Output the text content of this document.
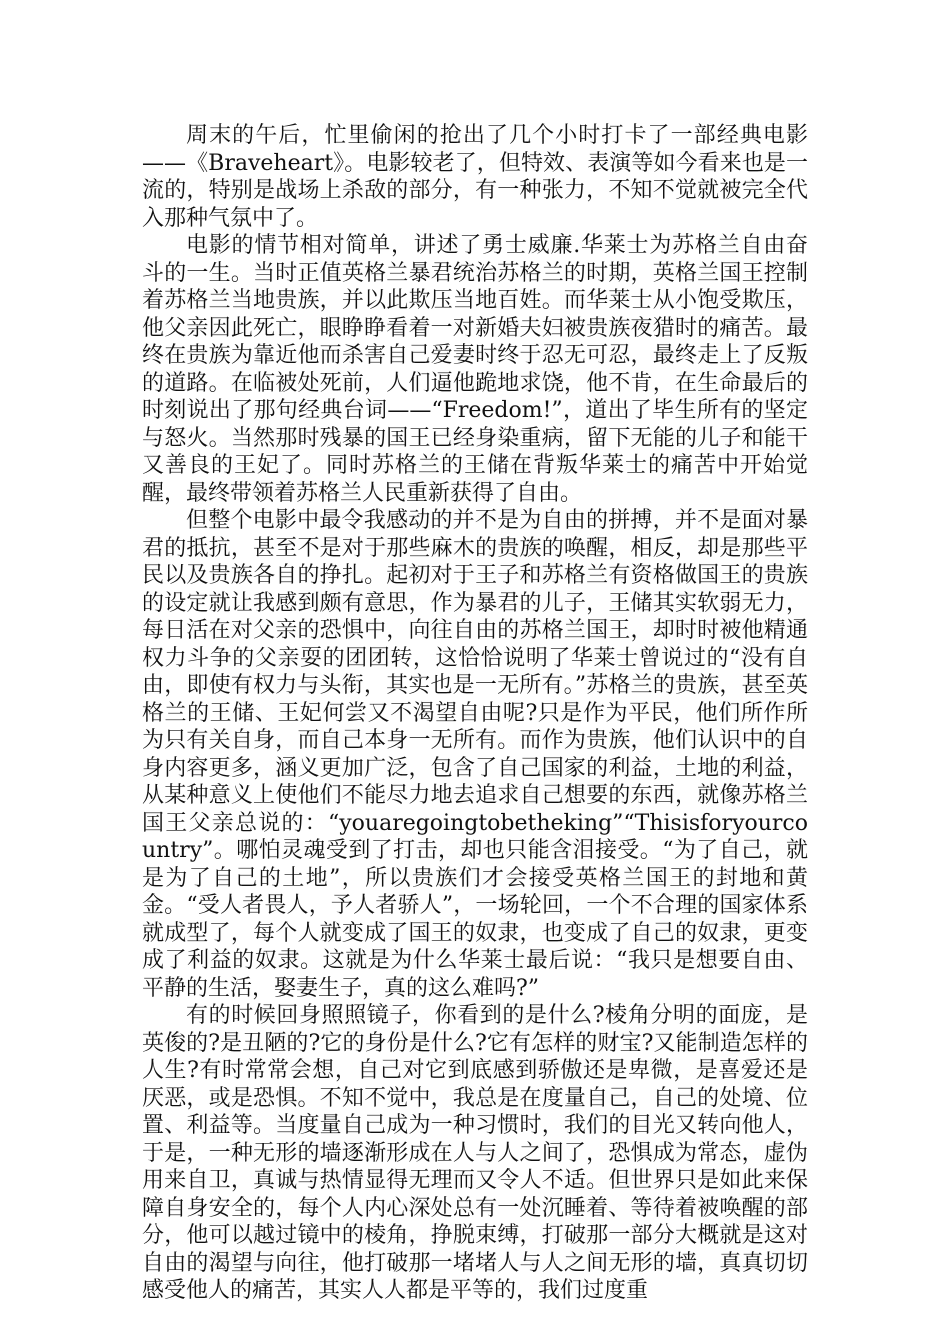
周末的午后，忙里偷闲的抢出了几个小时打卡了一部经典电影——《Braveheart》。电影较老了，但特效、表演等如今看来也是一流的，特别是战场上杀敌的部分，有一种张力，不知不觉就被完全代入那种气氛中了。

电影的情节相对简单，讲述了勇士威廉.华莱士为苏格兰自由奋斗的一生。当时正值英格兰暴君统治苏格兰的时期，英格兰国王控制着苏格兰当地贵族，并以此欺压当地百姓。而华莱士从小饱受欺压，他父亲因此死亡，眼睁睁看着一对新婚夫妇被贵族夜猎时的痛苦。最终在贵族为靠近他而杀害自己爱妻时终于忍无可忍，最终走上了反叛的道路。在临被处死前，人们逼他跪地求饶，他不肯，在生命最后的时刻说出了那句经典台词——“Freedom!”，道出了毕生所有的坚定与怒火。当然那时残暴的国王已经身染重病，留下无能的儿子和能干又善良的王妃了。同时苏格兰的王储在背叛华莱士的痛苦中开始觉醒，最终带领着苏格兰人民重新获得了自由。

但整个电影中最令我感动的并不是为自由的拼搏，并不是面对暴君的抵抗，甚至不是对于那些麻木的贵族的唤醒，相反，却是那些平民以及贵族各自的挣扎。起初对于王子和苏格兰有资格做国王的贵族的设定就让我感到颇有意思，作为暴君的儿子，王储其实软弱无力，每日活在对父亲的恐惧中，向往自由的苏格兰国王，却时时被他精通权力斗争的父亲耍的团团转，这恰恰说明了华莱士曾说过的“没有自由，即使有权力与头衔，其实也是一无所有。”苏格兰的贵族，甚至英格兰的王储、王妃何尝又不渴望自由呢?只是作为平民，他们所作所为只有关自身，而自己本身一无所有。而作为贵族，他们认识中的自身内容更多，涵义更加广泛，包含了自己国家的利益，土地的利益，从某种意义上使他们不能尽力地去追求自己想要的东西，就像苏格兰国王父亲总说的：“youaregoingtobetheking”“Thisisforyourcountry”。哪怕灵魂受到了打击，却也只能含泪接受。“为了自己，就是为了自己的土地”，所以贵族们才会接受英格兰国王的封地和黄金。“受人者畏人，予人者骄人”，一场轮回，一个不合理的国家体系就成型了，每个人就变成了国王的奴隶，也变成了自己的奴隶，更变成了利益的奴隶。这就是为什么华莱士最后说：“我只是想要自由、平静的生活，娶妻生子，真的这么难吗?”

有的时候回身照照镜子，你看到的是什么?棱角分明的面庞，是英俊的?是丑陋的?它的身份是什么?它有怎样的财宝?又能制造怎样的人生?有时常常会想，自己对它到底感到骄傲还是卑微，是喜爱还是厌恶，或是恐惧。不知不觉中，我总是在度量自己，自己的处境、位置、利益等。当度量自己成为一种习惯时，我们的目光又转向他人，于是，一种无形的墙逐渐形成在人与人之间了，恐惧成为常态，虚伪用来自卫，真诚与热情显得无理而又令人不适。但世界只是如此来保障自身安全的，每个人内心深处总有一处沉睡着、等待着被唤醒的部分，他可以越过镜中的棱角，挣脱束缚，打破那一部分大概就是这对自由的渴望与向往，他打破那一堵堵人与人之间无形的墙，真真切切感受他人的痛苦，其实人人都是平等的，我们过度重
